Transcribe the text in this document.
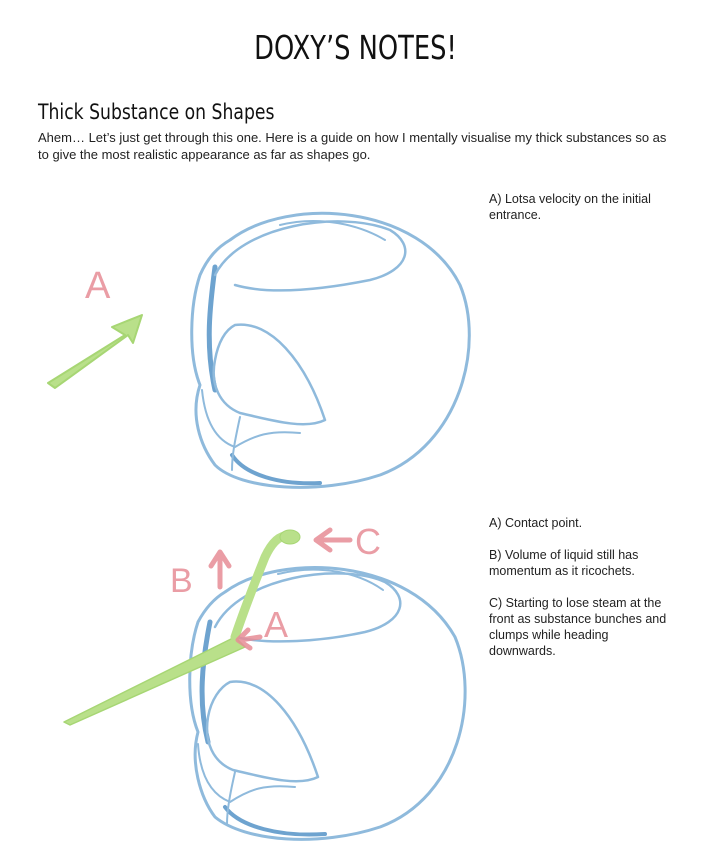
DOXY’S NOTES!
Thick Substance on Shapes

Ahem… Let’s just get through this one. Here is a guide on how I mentally visualise my thick substances so as to give the most realistic appearance as far as shapes go.

A

A) Lotsa velocity on the initial entrance.

B
C
A

A) Contact point.

B) Volume of liquid still has momentum as it ricochets.

C) Starting to lose steam at the front as substance bunches and clumps while heading downwards.
